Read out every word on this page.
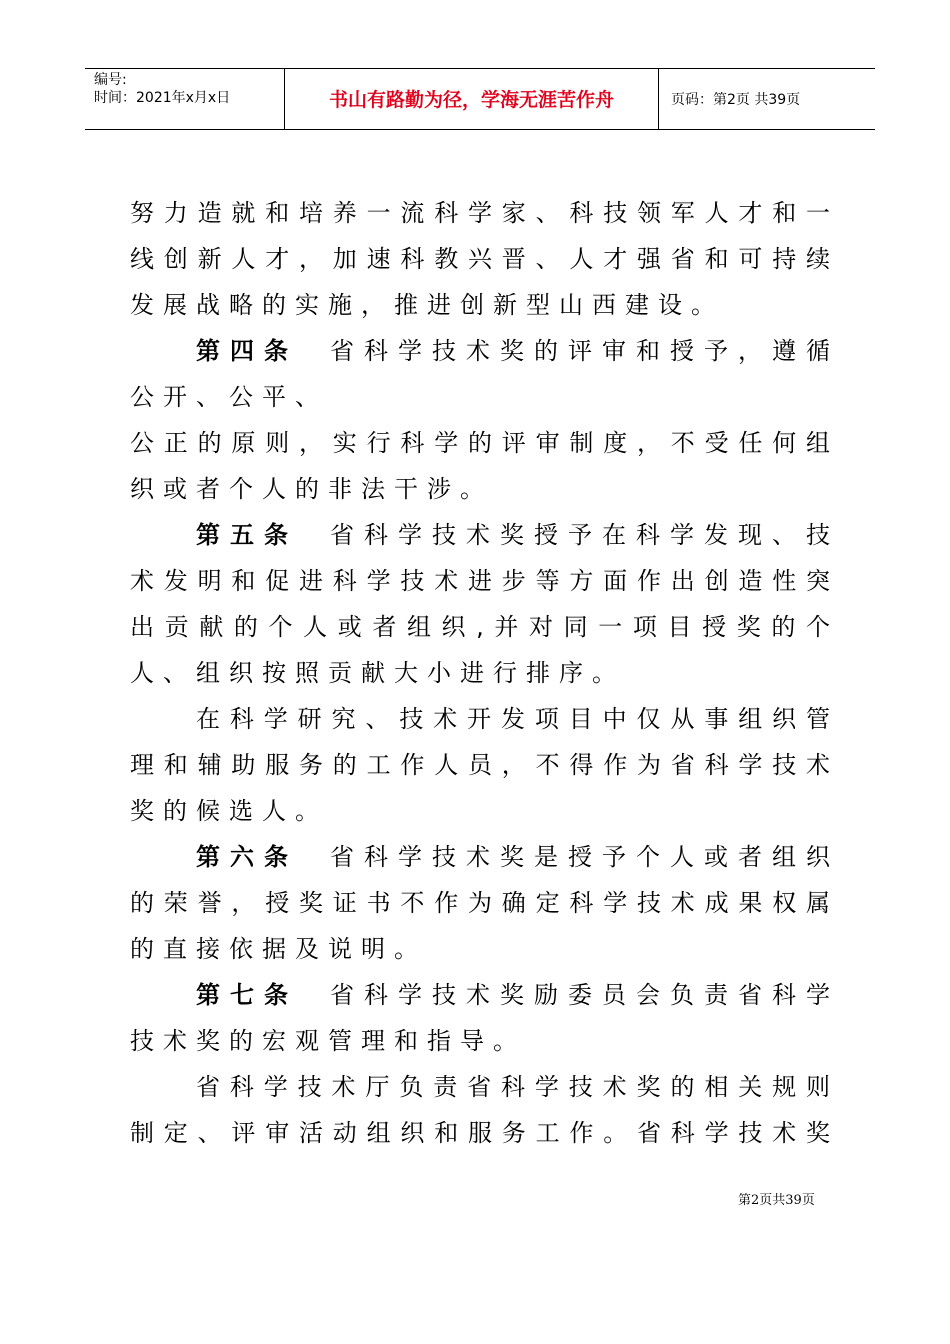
编号:
时间：2021年x月x日	书山有路勤为径，学海无涯苦作舟	页码：第2页 共39页
努力造就和培养一流科学家、科技领军人才和一
线创新人才，加速科教兴晋、人才强省和可持续
发展战略的实施，推进创新型山西建设。
第四条 省科学技术奖的评审和授予，遵循
公开、公平、
公正的原则，实行科学的评审制度，不受任何组
织或者个人的非法干涉。
第五条 省科学技术奖授予在科学发现、技
术发明和促进科学技术进步等方面作出创造性突
出贡献的个人或者组织,并对同一项目授奖的个
人、组织按照贡献大小进行排序。
在科学研究、技术开发项目中仅从事组织管
理和辅助服务的工作人员，不得作为省科学技术
奖的候选人。
第六条 省科学技术奖是授予个人或者组织
的荣誉，授奖证书不作为确定科学技术成果权属
的直接依据及说明。
第七条 省科学技术奖励委员会负责省科学
技术奖的宏观管理和指导。
省科学技术厅负责省科学技术奖的相关规则
制定、评审活动组织和服务工作。省科学技术奖
第2页共39页
